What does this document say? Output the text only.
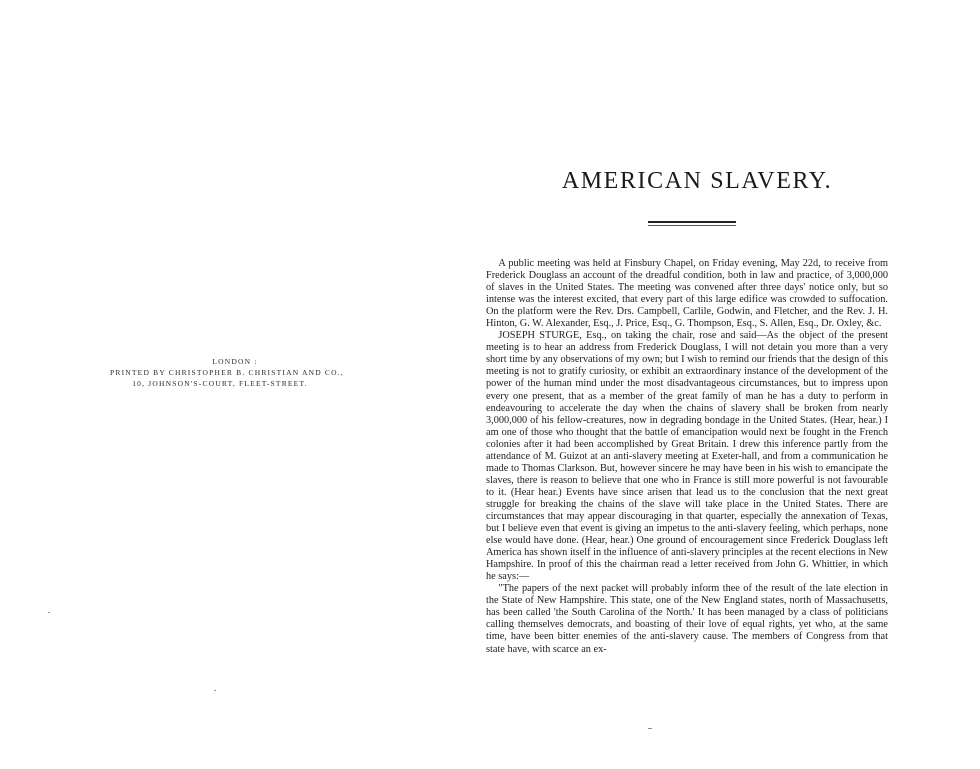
LONDON :
PRINTED BY CHRISTOPHER B. CHRISTIAN AND CO.,
10, JOHNSON'S-COURT, FLEET-STREET.
AMERICAN SLAVERY.

A public meeting was held at Finsbury Chapel, on Friday evening, May 22d, to receive from Frederick Douglass an account of the dreadful condition, both in law and practice, of 3,000,000 of slaves in the United States. The meeting was convened after three days' notice only, but so intense was the interest excited, that every part of this large edifice was crowded to suffocation. On the platform were the Rev. Drs. Campbell, Carlile, Godwin, and Fletcher, and the Rev. J. H. Hinton, G. W. Alexander, Esq., J. Price, Esq., G. Thompson, Esq., S. Allen, Esq., Dr. Oxley, &c.

JOSEPH STURGE, Esq., on taking the chair, rose and said—As the object of the present meeting is to hear an address from Frederick Douglass, I will not detain you more than a very short time by any observations of my own; but I wish to remind our friends that the design of this meeting is not to gratify curiosity, or exhibit an extraordinary instance of the development of the power of the human mind under the most disadvantageous circumstances, but to impress upon every one present, that as a member of the great family of man he has a duty to perform in endeavouring to accelerate the day when the chains of slavery shall be broken from nearly 3,000,000 of his fellow-creatures, now in degrading bondage in the United States. (Hear, hear.) I am one of those who thought that the battle of emancipation would next be fought in the French colonies after it had been accomplished by Great Britain. I drew this inference partly from the attendance of M. Guizot at an anti-slavery meeting at Exeter-hall, and from a communication he made to Thomas Clarkson. But, however sincere he may have been in his wish to emancipate the slaves, there is reason to believe that one who in France is still more powerful is not favourable to it. (Hear hear.) Events have since arisen that lead us to the conclusion that the next great struggle for breaking the chains of the slave will take place in the United States. There are circumstances that may appear discouraging in that quarter, especially the annexation of Texas, but I believe even that event is giving an impetus to the anti-slavery feeling, which perhaps, none else would have done. (Hear, hear.) One ground of encouragement since Frederick Douglass left America has shown itself in the influence of anti-slavery principles at the recent elections in New Hampshire. In proof of this the chairman read a letter received from John G. Whittier, in which he says:—

"The papers of the next packet will probably inform thee of the result of the late election in the State of New Hampshire. This state, one of the New England states, north of Massachusetts, has been called 'the South Carolina of the North.' It has been managed by a class of politicians calling themselves democrats, and boasting of their love of equal rights, yet who, at the same time, have been bitter enemies of the anti-slavery cause. The members of Congress from that state have, with scarce an ex-
